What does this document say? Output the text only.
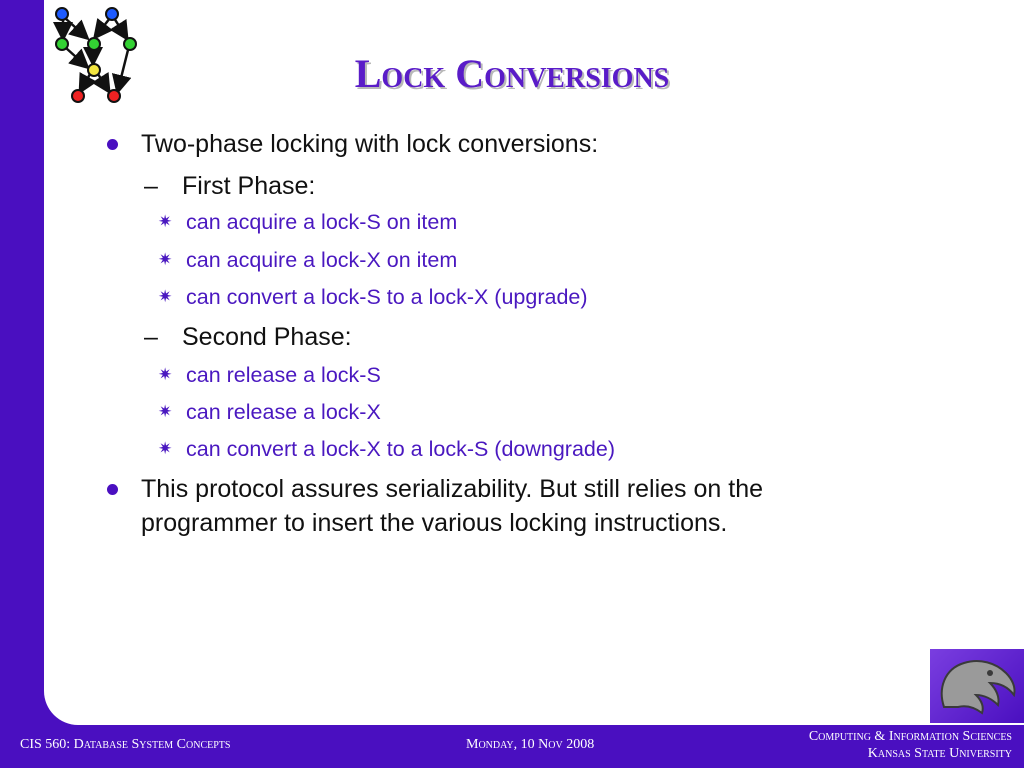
Lock Conversions
Two-phase locking with lock conversions:
– First Phase:
✷ can acquire a lock-S on item
✷ can acquire a lock-X on item
✷ can convert a lock-S to a lock-X (upgrade)
– Second Phase:
✷ can release a lock-S
✷ can release a lock-X
✷ can convert a lock-X to a lock-S (downgrade)
This protocol assures serializability. But still relies on the
programmer to insert the various locking instructions.
CIS 560: Database System Concepts	Monday, 10 Nov 2008
Computing & Information Sciences
Kansas State University
